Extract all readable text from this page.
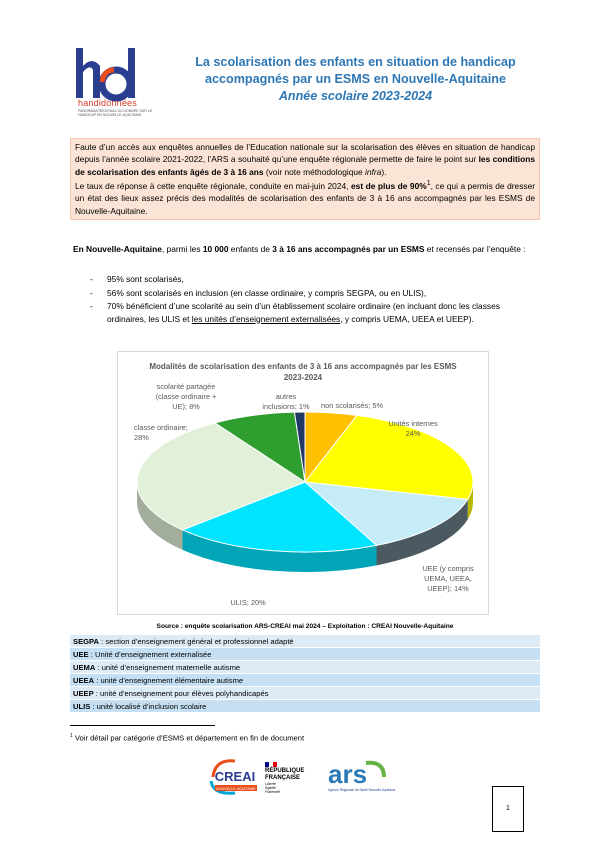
handidonnées
PANORAMA RÉGIONAL DU DONNÉE SUR LE HANDICAP EN NOUVELLE-AQUITAINE
La scolarisation des enfants en situation de handicap
accompagnés par un ESMS en Nouvelle-Aquitaine
Année scolaire 2023-2024

Faute d’un accès aux enquêtes annuelles de l’Education nationale sur la scolarisation des élèves en situation de handicap depuis l’année scolaire 2021-2022, l’ARS a souhaité qu’une enquête régionale permette de faire le point sur les conditions de scolarisation des enfants âgés de 3 à 16 ans (voir note méthodologique infra).

Le taux de réponse à cette enquête régionale, conduite en mai-juin 2024, est de plus de 90%$^1$, ce qui a permis de dresser un état des lieux assez précis des modalités de scolarisation des enfants de 3 à 16 ans accompagnés par les ESMS de Nouvelle-Aquitaine.

En Nouvelle-Aquitaine, parmi les 10 000 enfants de 3 à 16 ans accompagnés par un ESMS et recensés par l’enquête :

- 95% sont scolarisés,
- 56% sont scolarisés en inclusion (en classe ordinaire, y compris SEGPA, ou en ULIS),
- 70% bénéficient d’une scolarité au sein d’un établissement scolaire ordinaire (en incluant donc les classes ordinaires, les ULIS et les unités d’enseignement externalisées, y compris UEMA, UEEA et UEEP).
Modalités de scolarisation des enfants de 3 à 16 ans accompagnés par les ESMS
2023-2024
non scolarisés; 5%
Unités internes
24%
UEE (y compris
UEMA, UEEA,
UEEP); 14%
ULIS; 20%
classe ordinaire;
28%
scolarité partagée
(classe ordinaire +
UE); 8%
autres
inclusions; 1%
Source : enquête scolarisation ARS-CREAI mai 2024 – Exploitation : CREAI Nouvelle-Aquitaine
SEGPA : section d’enseignement général et professionnel adapté
UEE : Unité d’enseignement externalisée
UEMA : unité d’enseignement maternelle autisme
UEEA : unité d’enseignement élémentaire autisme
UEEP : unité d’enseignement pour élèves polyhandicapés
ULIS : unité localisé d’inclusion scolaire
$^1$ Voir détail par catégorie d’ESMS et département en fin de document
CREAI
NOUVELLE-AQUITAINE
RÉPUBLIQUE
FRANÇAISE
Liberté Égalité Fraternité
ars
Agence Régionale de Santé Nouvelle-Aquitaine
1
